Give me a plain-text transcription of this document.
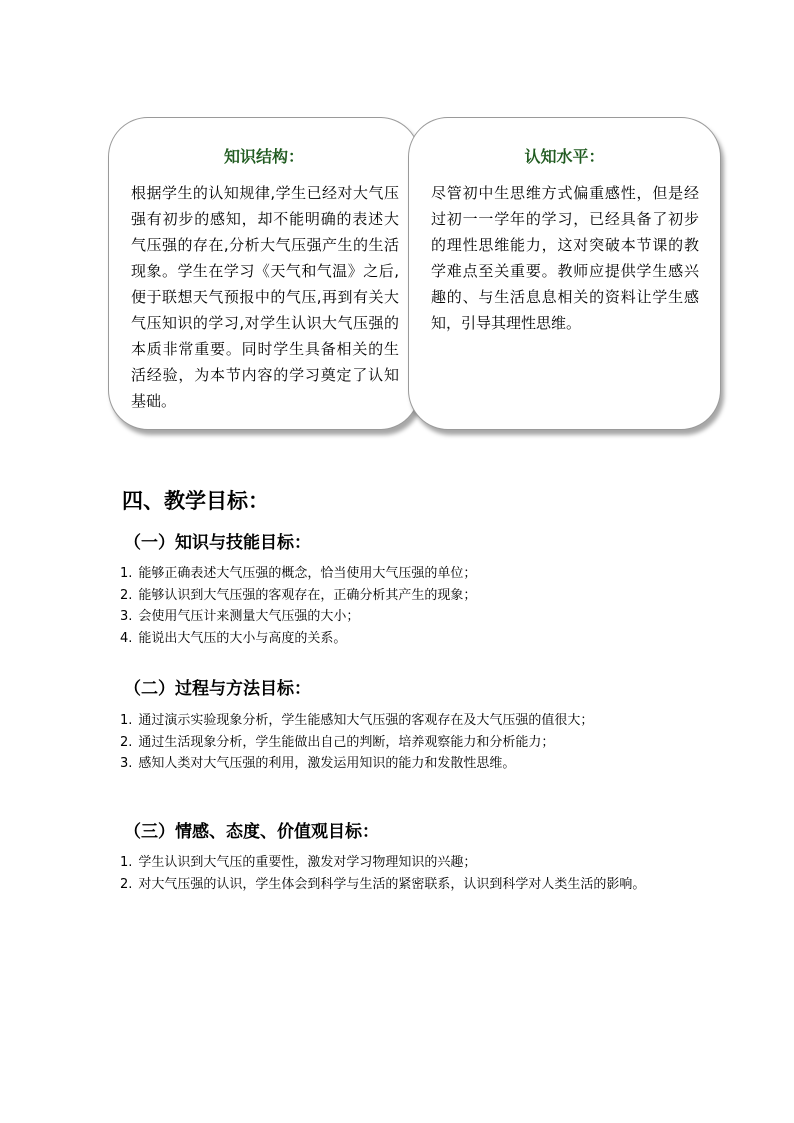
知识结构：

根据学生的认知规律,学生已经对大气压强有初步的感知，却不能明确的表述大气压强的存在,分析大气压强产生的生活现象。学生在学习《天气和气温》之后,便于联想天气预报中的气压,再到有关大气压知识的学习,对学生认识大气压强的本质非常重要。同时学生具备相关的生活经验，为本节内容的学习奠定了认知基础。

认知水平：

尽管初中生思维方式偏重感性，但是经过初一一学年的学习，已经具备了初步的理性思维能力，这对突破本节课的教学难点至关重要。教师应提供学生感兴趣的、与生活息息相关的资料让学生感知，引导其理性思维。

四、教学目标：
（一）知识与技能目标：
1. 能够正确表述大气压强的概念，恰当使用大气压强的单位；
2. 能够认识到大气压强的客观存在，正确分析其产生的现象；
3. 会使用气压计来测量大气压强的大小；
4. 能说出大气压的大小与高度的关系。
（二）过程与方法目标：
1. 通过演示实验现象分析，学生能感知大气压强的客观存在及大气压强的值很大；
2. 通过生活现象分析，学生能做出自己的判断，培养观察能力和分析能力；
3. 感知人类对大气压强的利用，激发运用知识的能力和发散性思维。
（三）情感、态度、价值观目标：
1. 学生认识到大气压的重要性，激发对学习物理知识的兴趣；
2. 对大气压强的认识，学生体会到科学与生活的紧密联系，认识到科学对人类生活的影响。
